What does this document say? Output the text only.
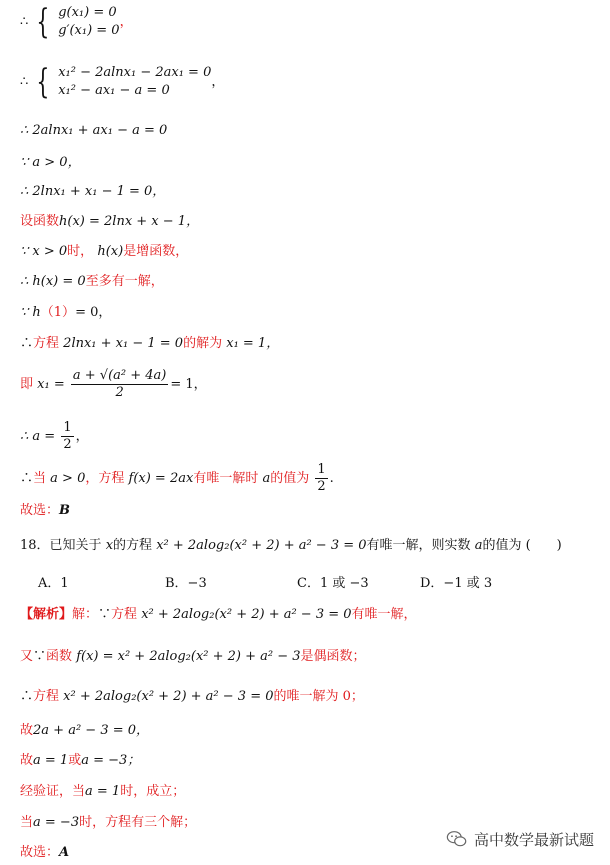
∴ { g(x₁) = 0
g′(x₁) = 0
，
∴ { x₁² − 2alnx₁ − 2ax₁ = 0
x₁² − ax₁ − a = 0
，
∴ 2alnx₁ + ax₁ − a = 0
∵ a > 0，
∴ 2lnx₁ + x₁ − 1 = 0，
设函数h(x) = 2lnx + x − 1，
∵ x > 0时， h(x)是增函数，
∴ h(x) = 0至多有一解，
∵ h（1）= 0，
∴方程 2lnx₁ + x₁ − 1 = 0的解为 x₁ = 1，
即 $x_1 = \frac{\text{a + √(a² + 4a)}}{2} = 1$，
∴ $a = \frac{1}{2}$ ，
∴当 a > 0，方程 f(x) = 2ax有唯一解时 a的值为 $\frac{1}{2}$ .
故选：B
18．已知关于 x的方程 x² + 2alog₂(x² + 2) + a² − 3 = 0有唯一解，则实数 a的值为 (　　)
A．1	B．−3	C．1 或 −3	D．−1 或 3
【解析】解：∵方程 x² + 2alog₂(x² + 2) + a² − 3 = 0有唯一解，
又∵函数 f(x) = x² + 2alog₂(x² + 2) + a² − 3是偶函数；
∴方程 x² + 2alog₂(x² + 2) + a² − 3 = 0的唯一解为 0；
故2a + a² − 3 = 0，
故a = 1或a = −3；
经验证，当a = 1时，成立；
当a = −3时，方程有三个解；
故选：A
高中数学最新试题
